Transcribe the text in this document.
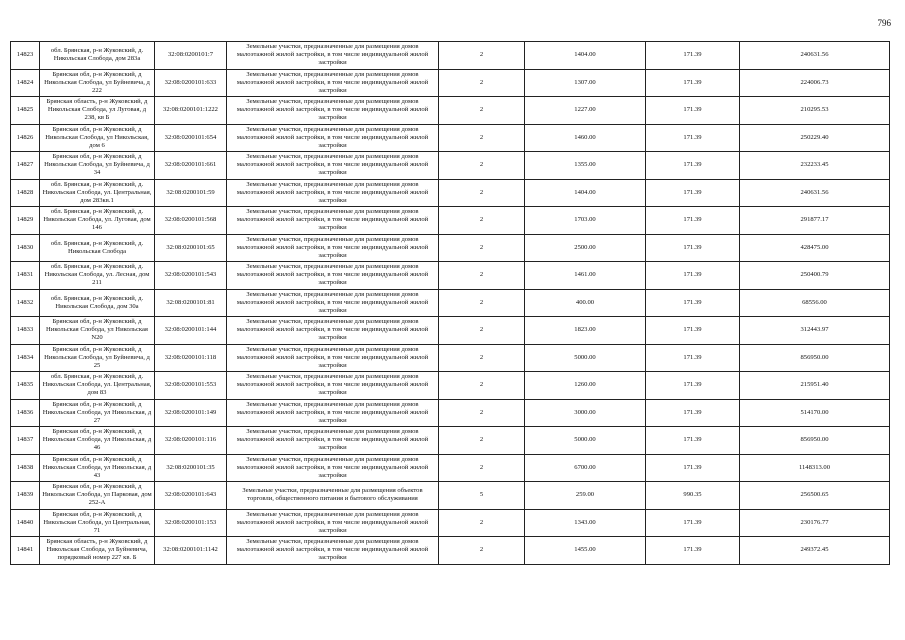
796
14823	обл. Брянская, р-н Жуковский, д. Никольская Слобода, дом 283а	32:08:0200101:7	Земельные участки, предназначенные для размещения домов малоэтажной жилой застройки, в том числе индивидуальной жилой застройки	2	1404.00	171.39	240631.56
14824	Брянская обл, р-н Жуковский, д Никольская Слобода, ул Буйневича, д 222	32:08:0200101:633	Земельные участки, предназначенные для размещения домов малоэтажной жилой застройки, в том числе индивидуальной жилой застройки	2	1307.00	171.39	224006.73
14825	Брянская область, р-н Жуковский, д Никольская Слобода, ул Луговая, д 238, кв Б	32:08:0200101:1222	Земельные участки, предназначенные для размещения домов малоэтажной жилой застройки, в том числе индивидуальной жилой застройки	2	1227.00	171.39	210295.53
14826	Брянская обл, р-н Жуковский, д Никольская Слобода, ул Никольская, дом 6	32:08:0200101:654	Земельные участки, предназначенные для размещения домов малоэтажной жилой застройки, в том числе индивидуальной жилой застройки	2	1460.00	171.39	250229.40
14827	Брянская обл, р-н Жуковский, д Никольская Слобода, ул Буйневича, д 34	32:08:0200101:661	Земельные участки, предназначенные для размещения домов малоэтажной жилой застройки, в том числе индивидуальной жилой застройки	2	1355.00	171.39	232233.45
14828	обл. Брянская, р-н Жуковский, д. Никольская Слобода, ул. Центральная, дом 283кв.1	32:08:0200101:59	Земельные участки, предназначенные для размещения домов малоэтажной жилой застройки, в том числе индивидуальной жилой застройки	2	1404.00	171.39	240631.56
14829	обл. Брянская, р-н Жуковский, д. Никольская Слобода, ул. Луговая, дом 146	32:08:0200101:568	Земельные участки, предназначенные для размещения домов малоэтажной жилой застройки, в том числе индивидуальной жилой застройки	2	1703.00	171.39	291877.17
14830	обл. Брянская, р-н Жуковский, д. Никольская Слобода	32:08:0200101:65	Земельные участки, предназначенные для размещения домов малоэтажной жилой застройки, в том числе индивидуальной жилой застройки	2	2500.00	171.39	428475.00
14831	обл. Брянская, р-н Жуковский, д. Никольская Слобода, ул. Лесная, дом 211	32:08:0200101:543	Земельные участки, предназначенные для размещения домов малоэтажной жилой застройки, в том числе индивидуальной жилой застройки	2	1461.00	171.39	250400.79
14832	обл. Брянская, р-н Жуковский, д. Никольская Слобода, дом 30а	32:08:0200101:81	Земельные участки, предназначенные для размещения домов малоэтажной жилой застройки, в том числе индивидуальной жилой застройки	2	400.00	171.39	68556.00
14833	Брянская обл, р-н Жуковский, д Никольская Слобода, ул Никольская N20	32:08:0200101:144	Земельные участки, предназначенные для размещения домов малоэтажной жилой застройки, в том числе индивидуальной жилой застройки	2	1823.00	171.39	312443.97
14834	Брянская обл, р-н Жуковский, д Никольская Слобода, ул Буйневича, д 25	32:08:0200101:118	Земельные участки, предназначенные для размещения домов малоэтажной жилой застройки, в том числе индивидуальной жилой застройки	2	5000.00	171.39	856950.00
14835	обл. Брянская, р-н Жуковский, д. Никольская Слобода, ул. Центральная, дом 83	32:08:0200101:553	Земельные участки, предназначенные для размещения домов малоэтажной жилой застройки, в том числе индивидуальной жилой застройки	2	1260.00	171.39	215951.40
14836	Брянская обл, р-н Жуковский, д Никольская Слобода, ул Никольская, д 27	32:08:0200101:149	Земельные участки, предназначенные для размещения домов малоэтажной жилой застройки, в том числе индивидуальной жилой застройки	2	3000.00	171.39	514170.00
14837	Брянская обл, р-н Жуковский, д Никольская Слобода, ул Никольская, д 46	32:08:0200101:116	Земельные участки, предназначенные для размещения домов малоэтажной жилой застройки, в том числе индивидуальной жилой застройки	2	5000.00	171.39	856950.00
14838	Брянская обл, р-н Жуковский, д Никольская Слобода, ул Никольская, д 43	32:08:0200101:35	Земельные участки, предназначенные для размещения домов малоэтажной жилой застройки, в том числе индивидуальной жилой застройки	2	6700.00	171.39	1148313.00
14839	Брянская обл, р-н Жуковский, д Никольская Слобода, ул Парковая, дом 252-А	32:08:0200101:643	Земельные участки, предназначенные для размещения объектов торговли, общественного питания и бытового обслуживания	5	259.00	990.35	256500.65
14840	Брянская обл, р-н Жуковский, д Никольская Слобода, ул Центральная, 71	32:08:0200101:153	Земельные участки, предназначенные для размещения домов малоэтажной жилой застройки, в том числе индивидуальной жилой застройки	2	1343.00	171.39	230176.77
14841	Брянская область, р-н Жуковский, д Никольская Слобода, ул Буйневича, порядковый номер 227 кв. Б	32:08:0200101:1142	Земельные участки, предназначенные для размещения домов малоэтажной жилой застройки, в том числе индивидуальной жилой застройки	2	1455.00	171.39	249372.45
